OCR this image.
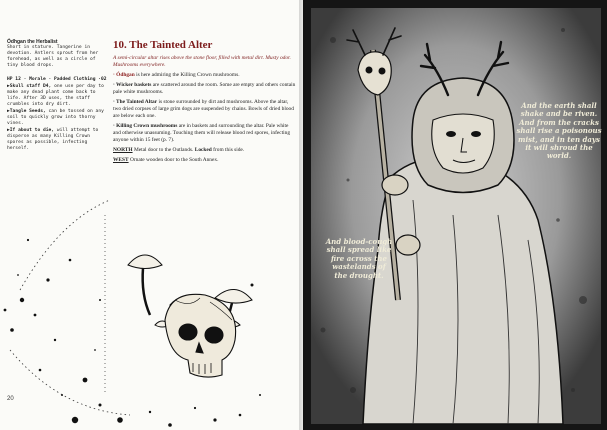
Ódhgan the Herbalist
Short in stature. Tangerine in devotion. Antlers sprout from her forehead, as well as a circle of tiny blood drops.
HP 12 · Morale · Padded Clothing ·02
▶Skull staff D4, one use per day to make any dead plant come back to life. After 3D uses, the staff crumbles into dry dirt.
▶Tangle Seeds, can be tossed on any soil to quickly grow into thorny vines.
▶If about to die, will attempt to disperse as many Killing Crown spores as possible, infecting herself.
10. The Tainted Alter

A semi-circular altar rises above the stone floor, filled with metal dirt. Musty odor. Mushrooms everywhere.

· Ódhgan is here admiring the Killing Crown mushrooms.

· Wicker baskets are scattered around the room. Some are empty and others contain pale white mushrooms.

· The Tainted Altar is stone surrounded by dirt and mushrooms. Above the altar, two dried corpses of large grim dogs are suspended by chains. Bowls of dried blood are below each one.

· Killing Crown mushrooms are in baskets and surrounding the altar. Pale white and otherwise unassuming. Touching them will release blood red spores, infecting anyone within 15 feet (p. 7).

NORTH Metal door to the Outlands. Locked from this side.

WEST Ornate wooden door to the South Annex.

20
And the earth shall shake and be riven. And from the cracks shall rise a poisonous mist, and in ten days it will shroud the world.
And blood-cough shall spread like fire across the wastelands of the drought.
